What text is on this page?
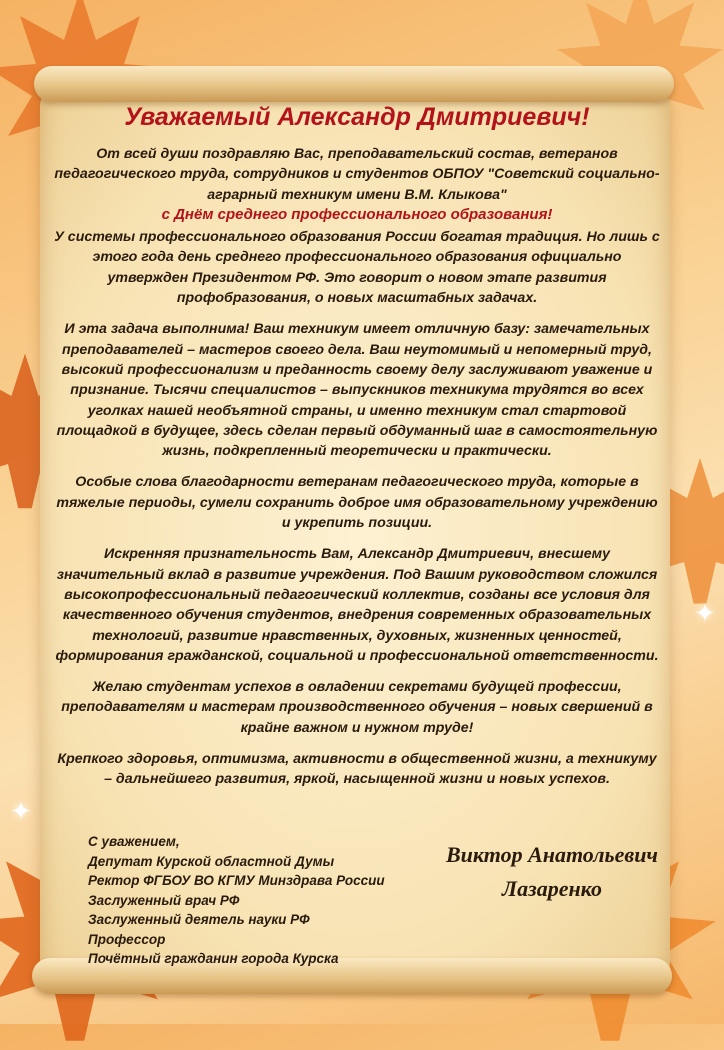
✦
✦
Уважаемый Александр Дмитриевич!

От всей души поздравляю Вас, преподавательский состав, ветеранов педагогического труда, сотрудников и студентов ОБПОУ "Советский социально-аграрный техникум имени В.М. Клыкова"
с Днём среднего профессионального образования!

У системы профессионального образования России богатая традиция. Но лишь с этого года день среднего профессионального образования официально утвержден Президентом РФ. Это говорит о новом этапе развития профобразования, о новых масштабных задачах.

И эта задача выполнима! Ваш техникум имеет отличную базу: замечательных преподавателей – мастеров своего дела. Ваш неутомимый и непомерный труд, высокий профессионализм и преданность своему делу заслуживают уважение и признание. Тысячи специалистов – выпускников техникума трудятся во всех уголках нашей необъятной страны, и именно техникум стал стартовой площадкой в будущее, здесь сделан первый обдуманный шаг в самостоятельную жизнь, подкрепленный теоретически и практически.

Особые слова благодарности ветеранам педагогического труда, которые в тяжелые периоды, сумели сохранить доброе имя образовательному учреждению и укрепить позиции.

Искренняя признательность Вам, Александр Дмитриевич, внесшему значительный вклад в развитие учреждения. Под Вашим руководством сложился высокопрофессиональный педагогический коллектив, созданы все условия для качественного обучения студентов, внедрения современных образовательных технологий, развитие нравственных, духовных, жизненных ценностей, формирования гражданской, социальной и профессиональной ответственности.

Желаю студентам успехов в овладении секретами будущей профессии, преподавателям и мастерам производственного обучения – новых свершений в крайне важном и нужном труде!

Крепкого здоровья, оптимизма, активности в общественной жизни, а техникуму – дальнейшего развития, яркой, насыщенной жизни и новых успехов.

С уважением,
Депутат Курской областной Думы
Ректор ФГБОУ ВО КГМУ Минздрава России
Заслуженный врач РФ
Заслуженный деятель науки РФ
Профессор
Почётный гражданин города Курска
Виктор Анатольевич
Лазаренко
